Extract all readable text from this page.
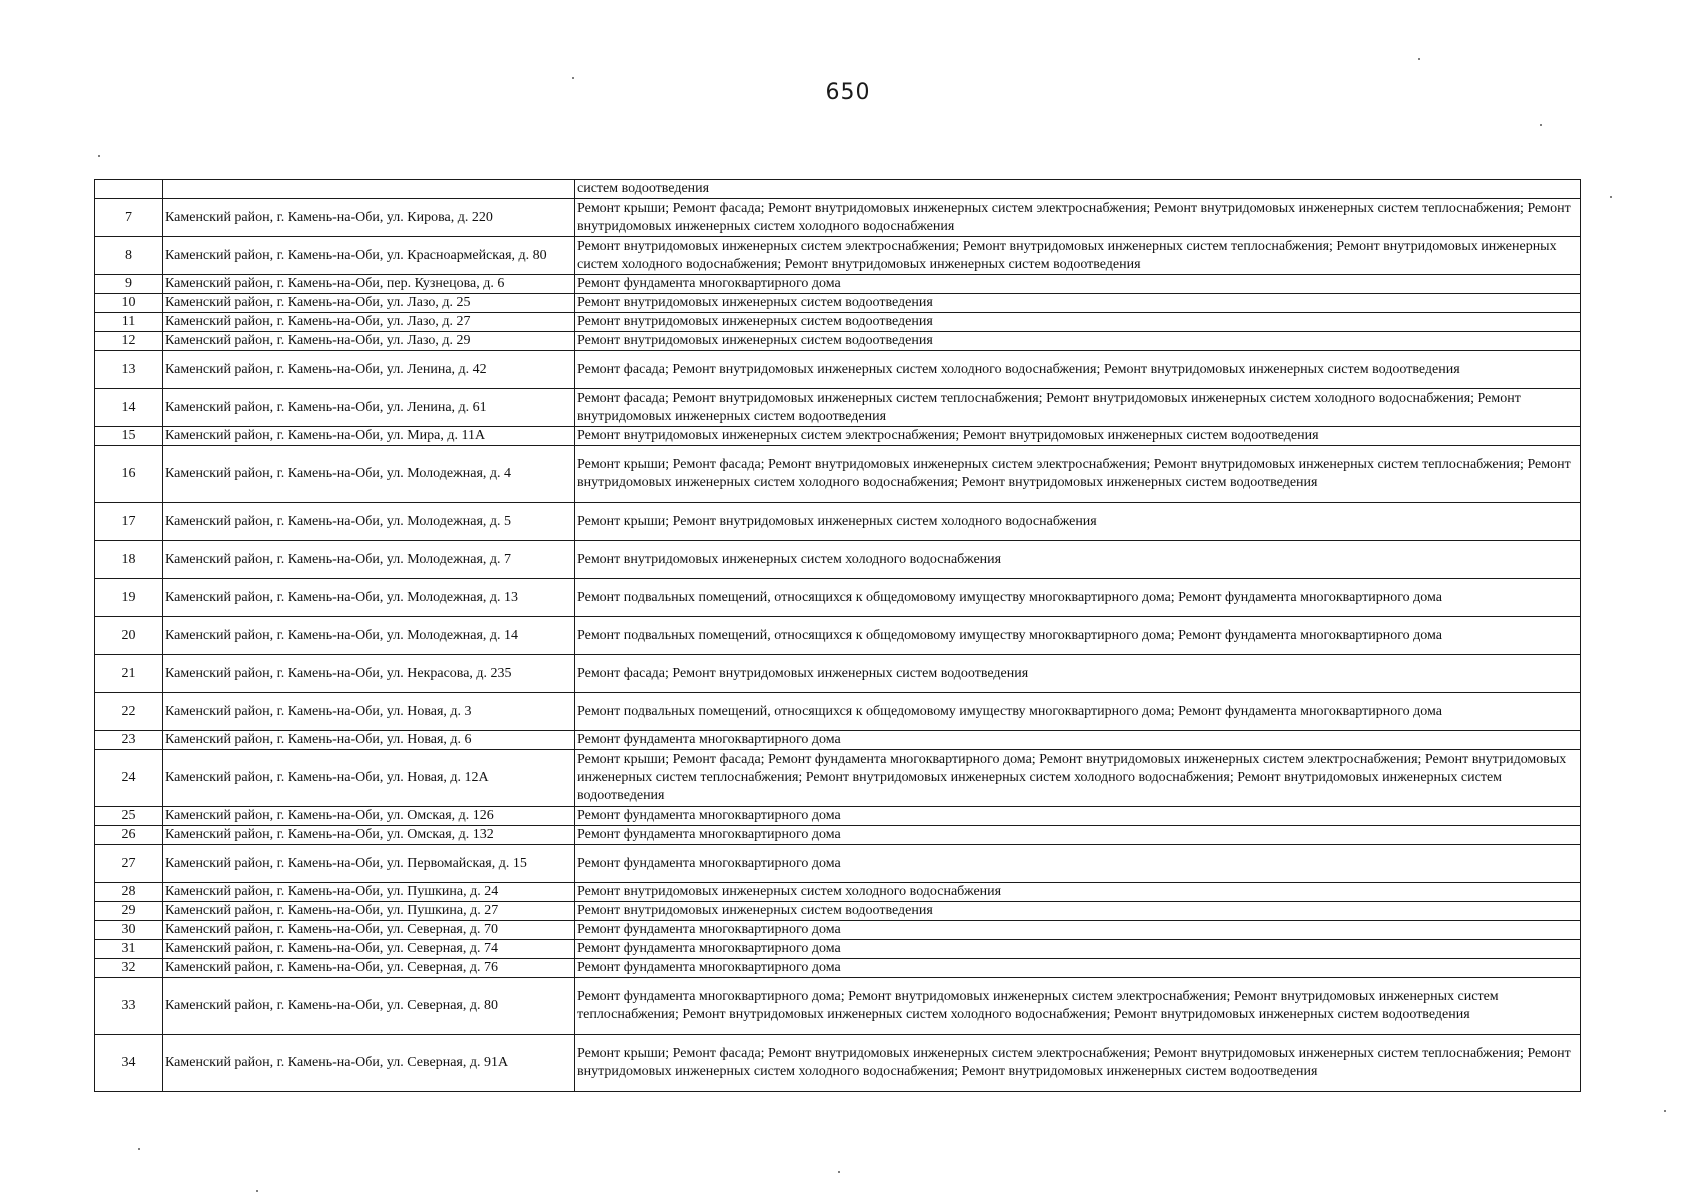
650
		систем водоотведения
7	Каменский район, г. Камень-на-Оби, ул. Кирова, д. 220	Ремонт крыши; Ремонт фасада; Ремонт внутридомовых инженерных систем электроснабжения; Ремонт внутридомовых инженерных систем теплоснабжения; Ремонт внутридомовых инженерных систем холодного водоснабжения
8	Каменский район, г. Камень-на-Оби, ул. Красноармейская, д. 80	Ремонт внутридомовых инженерных систем электроснабжения; Ремонт внутридомовых инженерных систем теплоснабжения; Ремонт внутридомовых инженерных систем холодного водоснабжения; Ремонт внутридомовых инженерных систем водоотведения
9	Каменский район, г. Камень-на-Оби, пер. Кузнецова, д. 6	Ремонт фундамента многоквартирного дома
10	Каменский район, г. Камень-на-Оби, ул. Лазо, д. 25	Ремонт внутридомовых инженерных систем водоотведения
11	Каменский район, г. Камень-на-Оби, ул. Лазо, д. 27	Ремонт внутридомовых инженерных систем водоотведения
12	Каменский район, г. Камень-на-Оби, ул. Лазо, д. 29	Ремонт внутридомовых инженерных систем водоотведения
13	Каменский район, г. Камень-на-Оби, ул. Ленина, д. 42	Ремонт фасада; Ремонт внутридомовых инженерных систем холодного водоснабжения; Ремонт внутридомовых инженерных систем водоотведения
14	Каменский район, г. Камень-на-Оби, ул. Ленина, д. 61	Ремонт фасада; Ремонт внутридомовых инженерных систем теплоснабжения; Ремонт внутридомовых инженерных систем холодного водоснабжения; Ремонт внутридомовых инженерных систем водоотведения
15	Каменский район, г. Камень-на-Оби, ул. Мира, д. 11А	Ремонт внутридомовых инженерных систем электроснабжения; Ремонт внутридомовых инженерных систем водоотведения
16	Каменский район, г. Камень-на-Оби, ул. Молодежная, д. 4	Ремонт крыши; Ремонт фасада; Ремонт внутридомовых инженерных систем электроснабжения; Ремонт внутридомовых инженерных систем теплоснабжения; Ремонт внутридомовых инженерных систем холодного водоснабжения; Ремонт внутридомовых инженерных систем водоотведения
17	Каменский район, г. Камень-на-Оби, ул. Молодежная, д. 5	Ремонт крыши; Ремонт внутридомовых инженерных систем холодного водоснабжения
18	Каменский район, г. Камень-на-Оби, ул. Молодежная, д. 7	Ремонт внутридомовых инженерных систем холодного водоснабжения
19	Каменский район, г. Камень-на-Оби, ул. Молодежная, д. 13	Ремонт подвальных помещений, относящихся к общедомовому имуществу многоквартирного дома; Ремонт фундамента многоквартирного дома
20	Каменский район, г. Камень-на-Оби, ул. Молодежная, д. 14	Ремонт подвальных помещений, относящихся к общедомовому имуществу многоквартирного дома; Ремонт фундамента многоквартирного дома
21	Каменский район, г. Камень-на-Оби, ул. Некрасова, д. 235	Ремонт фасада; Ремонт внутридомовых инженерных систем водоотведения
22	Каменский район, г. Камень-на-Оби, ул. Новая, д. 3	Ремонт подвальных помещений, относящихся к общедомовому имуществу многоквартирного дома; Ремонт фундамента многоквартирного дома
23	Каменский район, г. Камень-на-Оби, ул. Новая, д. 6	Ремонт фундамента многоквартирного дома
24	Каменский район, г. Камень-на-Оби, ул. Новая, д. 12А	Ремонт крыши; Ремонт фасада; Ремонт фундамента многоквартирного дома; Ремонт внутридомовых инженерных систем электроснабжения; Ремонт внутридомовых инженерных систем теплоснабжения; Ремонт внутридомовых инженерных систем холодного водоснабжения; Ремонт внутридомовых инженерных систем водоотведения
25	Каменский район, г. Камень-на-Оби, ул. Омская, д. 126	Ремонт фундамента многоквартирного дома
26	Каменский район, г. Камень-на-Оби, ул. Омская, д. 132	Ремонт фундамента многоквартирного дома
27	Каменский район, г. Камень-на-Оби, ул. Первомайская, д. 15	Ремонт фундамента многоквартирного дома
28	Каменский район, г. Камень-на-Оби, ул. Пушкина, д. 24	Ремонт внутридомовых инженерных систем холодного водоснабжения
29	Каменский район, г. Камень-на-Оби, ул. Пушкина, д. 27	Ремонт внутридомовых инженерных систем водоотведения
30	Каменский район, г. Камень-на-Оби, ул. Северная, д. 70	Ремонт фундамента многоквартирного дома
31	Каменский район, г. Камень-на-Оби, ул. Северная, д. 74	Ремонт фундамента многоквартирного дома
32	Каменский район, г. Камень-на-Оби, ул. Северная, д. 76	Ремонт фундамента многоквартирного дома
33	Каменский район, г. Камень-на-Оби, ул. Северная, д. 80	Ремонт фундамента многоквартирного дома; Ремонт внутридомовых инженерных систем электроснабжения; Ремонт внутридомовых инженерных систем теплоснабжения; Ремонт внутридомовых инженерных систем холодного водоснабжения; Ремонт внутридомовых инженерных систем водоотведения
34	Каменский район, г. Камень-на-Оби, ул. Северная, д. 91А	Ремонт крыши; Ремонт фасада; Ремонт внутридомовых инженерных систем электроснабжения; Ремонт внутридомовых инженерных систем теплоснабжения; Ремонт внутридомовых инженерных систем холодного водоснабжения; Ремонт внутридомовых инженерных систем водоотведения
